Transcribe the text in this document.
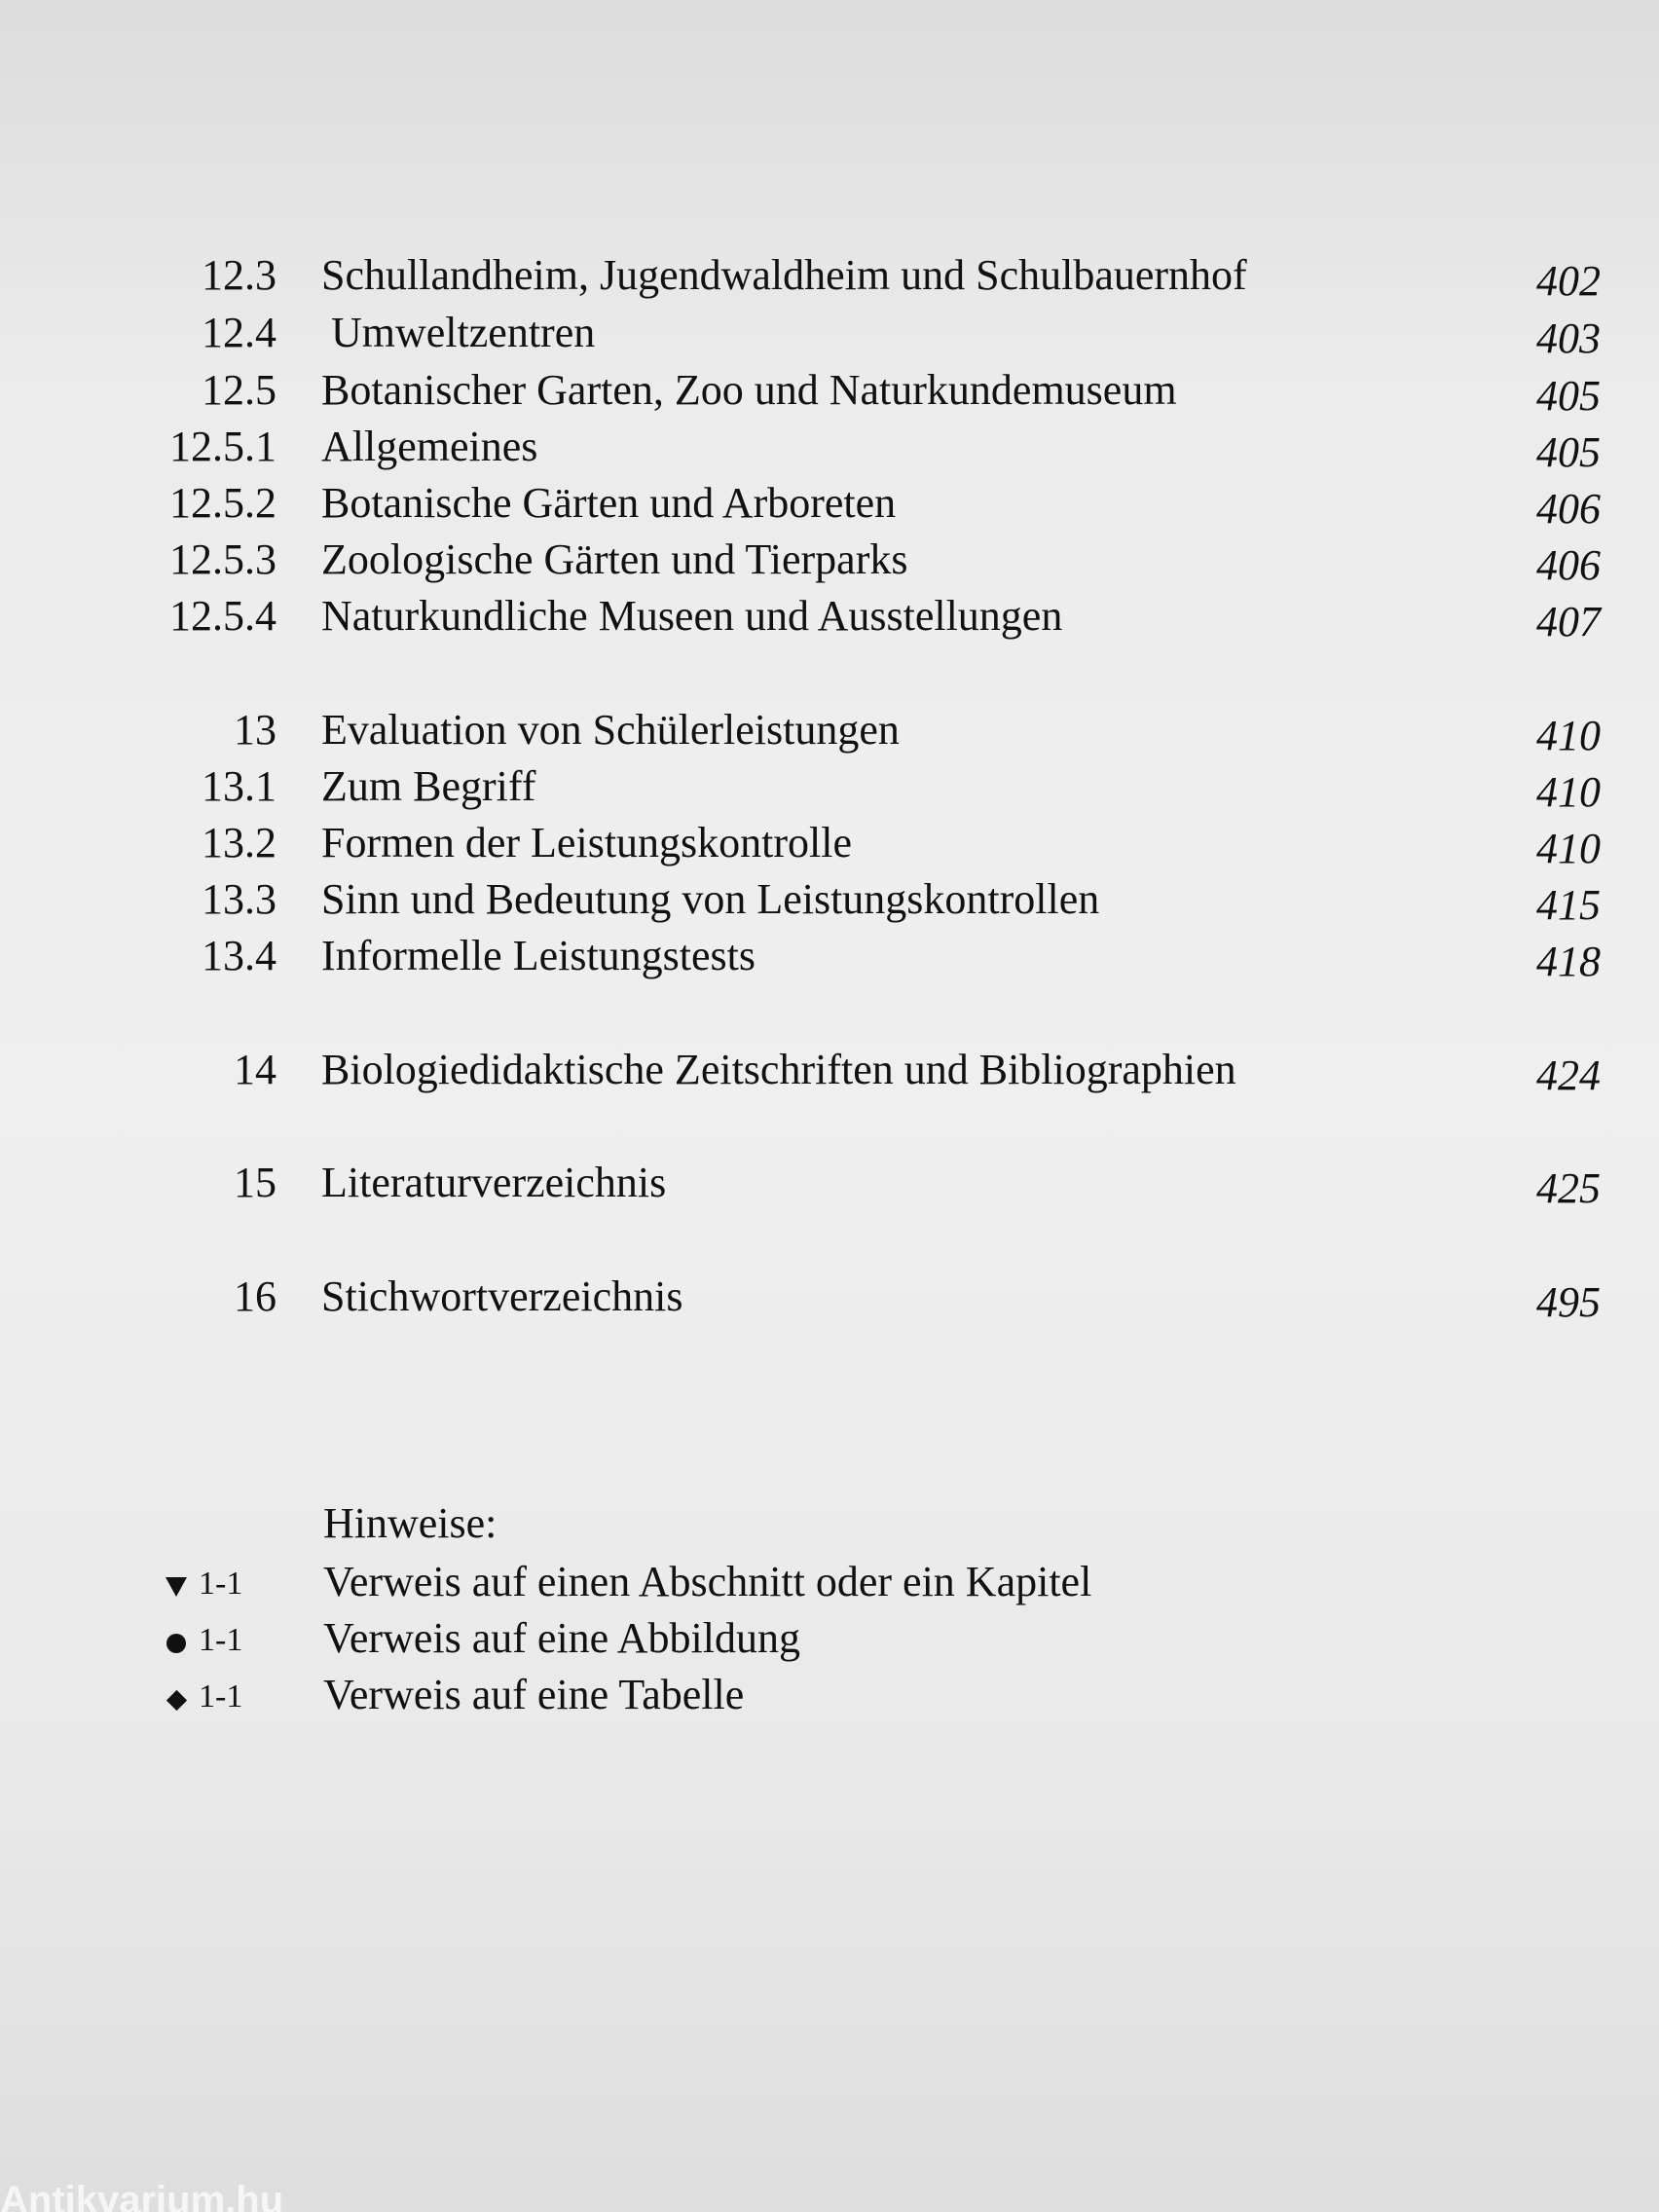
12.3 Schullandheim, Jugendwaldheim und Schulbauernhof	402
12.4 Umweltzentren	403
12.5 Botanischer Garten, Zoo und Naturkundemuseum	405
12.5.1 Allgemeines	405
12.5.2 Botanische Gärten und Arboreten	406
12.5.3 Zoologische Gärten und Tierparks	406
12.5.4 Naturkundliche Museen und Ausstellungen	407
13 Evaluation von Schülerleistungen	410
13.1 Zum Begriff	410
13.2 Formen der Leistungskontrolle	410
13.3 Sinn und Bedeutung von Leistungskontrollen	415
13.4 Informelle Leistungstests	418
14 Biologiedidaktische Zeitschriften und Bibliographien	424
15 Literaturverzeichnis	425
16 Stichwortverzeichnis	495
Hinweise:
1-1 Verweis auf einen Abschnitt oder ein Kapitel
1-1 Verweis auf eine Abbildung
1-1 Verweis auf eine Tabelle
Antikvarium.hu
